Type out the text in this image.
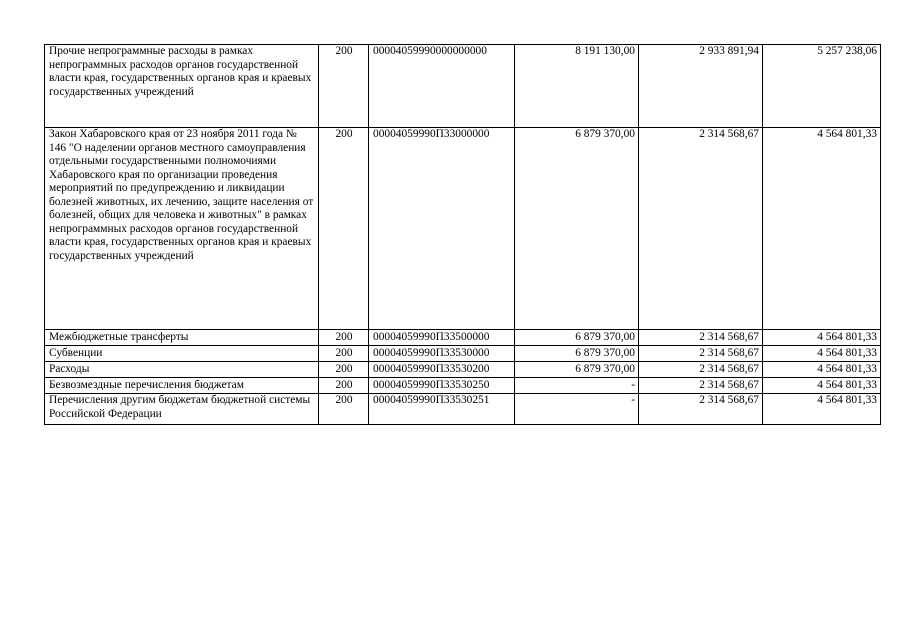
Прочие непрограммные расходы в рамках непрограммных расходов органов государственной власти края, государственных органов края и краевых государственных учреждений	200	00004059990000000000	8 191 130,00	2 933 891,94	5 257 238,06
Закон Хабаровского края от 23 ноября 2011 года № 146 "О наделении органов местного самоуправления отдельными государственными полномочиями Хабаровского края по организации проведения мероприятий по предупреждению и ликвидации болезней животных, их лечению, защите населения от болезней, общих для человека и животных" в рамках непрограммных расходов органов государственной власти края, государственных органов края и краевых государственных учреждений	200	00004059990П33000000	6 879 370,00	2 314 568,67	4 564 801,33
Межбюджетные трансферты	200	00004059990П33500000	6 879 370,00	2 314 568,67	4 564 801,33
Субвенции	200	00004059990П33530000	6 879 370,00	2 314 568,67	4 564 801,33
Расходы	200	00004059990П33530200	6 879 370,00	2 314 568,67	4 564 801,33
Безвозмездные перечисления бюджетам	200	00004059990П33530250	-	2 314 568,67	4 564 801,33
Перечисления другим бюджетам бюджетной системы Российской Федерации	200	00004059990П33530251	-	2 314 568,67	4 564 801,33
